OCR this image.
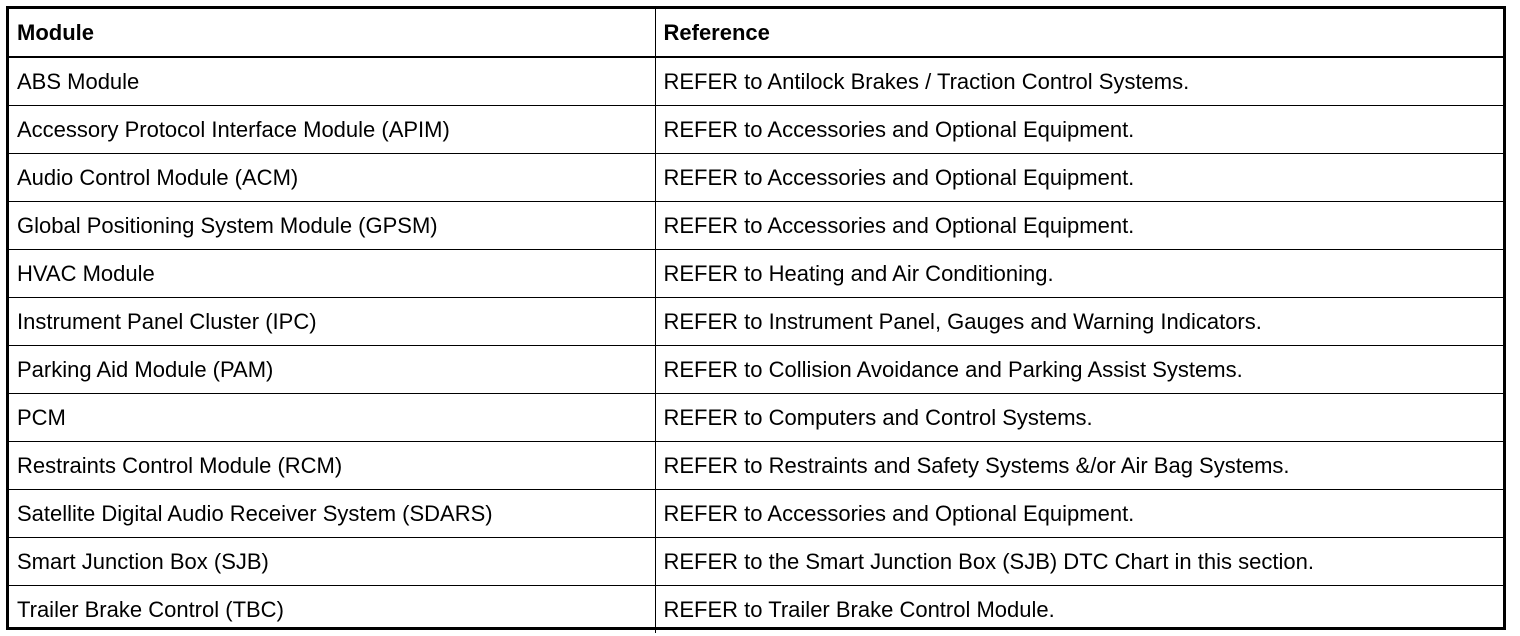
Module	Reference
ABS Module	REFER to Antilock Brakes / Traction Control Systems.
Accessory Protocol Interface Module (APIM)	REFER to Accessories and Optional Equipment.
Audio Control Module (ACM)	REFER to Accessories and Optional Equipment.
Global Positioning System Module (GPSM)	REFER to Accessories and Optional Equipment.
HVAC Module	REFER to Heating and Air Conditioning.
Instrument Panel Cluster (IPC)	REFER to Instrument Panel, Gauges and Warning Indicators.
Parking Aid Module (PAM)	REFER to Collision Avoidance and Parking Assist Systems.
PCM	REFER to Computers and Control Systems.
Restraints Control Module (RCM)	REFER to Restraints and Safety Systems &/or Air Bag Systems.
Satellite Digital Audio Receiver System (SDARS)	REFER to Accessories and Optional Equipment.
Smart Junction Box (SJB)	REFER to the Smart Junction Box (SJB) DTC Chart in this section.
Trailer Brake Control (TBC)	REFER to Trailer Brake Control Module.
